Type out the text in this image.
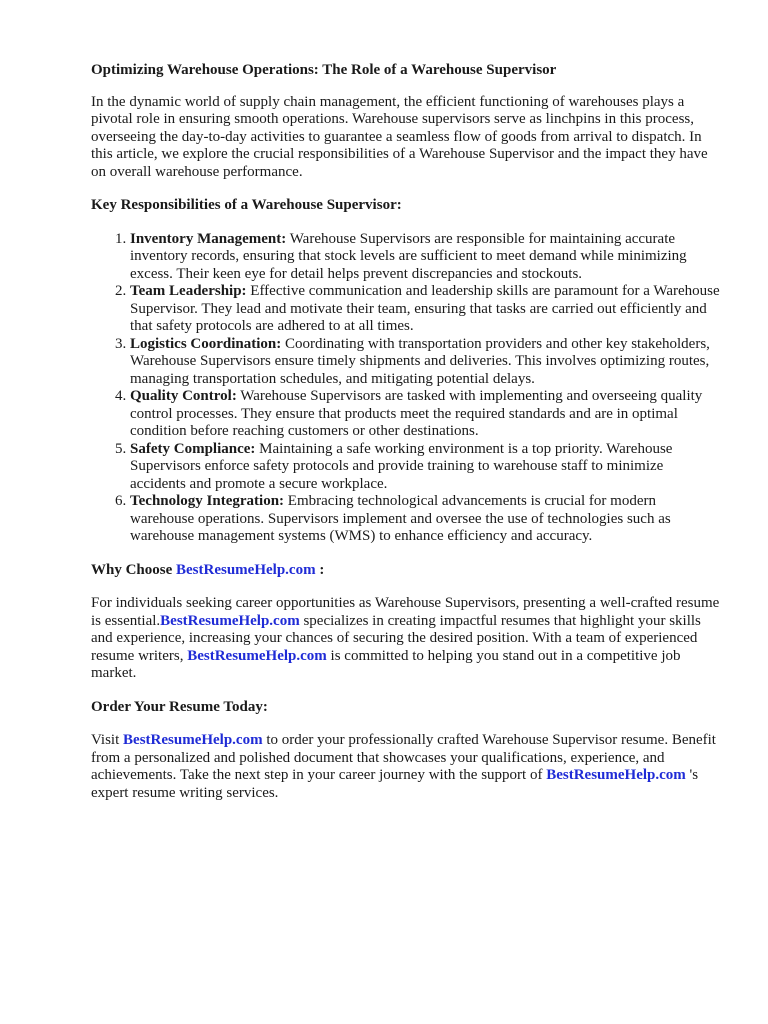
Optimizing Warehouse Operations: The Role of a Warehouse Supervisor

In the dynamic world of supply chain management, the efficient functioning of warehouses plays a pivotal role in ensuring smooth operations. Warehouse supervisors serve as linchpins in this process, overseeing the day-to-day activities to guarantee a seamless flow of goods from arrival to dispatch. In this article, we explore the crucial responsibilities of a Warehouse Supervisor and the impact they have on overall warehouse performance.

Key Responsibilities of a Warehouse Supervisor:
1. Inventory Management: Warehouse Supervisors are responsible for maintaining accurate inventory records, ensuring that stock levels are sufficient to meet demand while minimizing excess. Their keen eye for detail helps prevent discrepancies and stockouts.
2. Team Leadership: Effective communication and leadership skills are paramount for a Warehouse Supervisor. They lead and motivate their team, ensuring that tasks are carried out efficiently and that safety protocols are adhered to at all times.
3. Logistics Coordination: Coordinating with transportation providers and other key stakeholders, Warehouse Supervisors ensure timely shipments and deliveries. This involves optimizing routes, managing transportation schedules, and mitigating potential delays.
4. Quality Control: Warehouse Supervisors are tasked with implementing and overseeing quality control processes. They ensure that products meet the required standards and are in optimal condition before reaching customers or other destinations.
5. Safety Compliance: Maintaining a safe working environment is a top priority. Warehouse Supervisors enforce safety protocols and provide training to warehouse staff to minimize accidents and promote a secure workplace.
6. Technology Integration: Embracing technological advancements is crucial for modern warehouse operations. Supervisors implement and oversee the use of technologies such as warehouse management systems (WMS) to enhance efficiency and accuracy.
Why Choose BestResumeHelp.com :

For individuals seeking career opportunities as Warehouse Supervisors, presenting a well-crafted resume is essential.BestResumeHelp.com specializes in creating impactful resumes that highlight your skills and experience, increasing your chances of securing the desired position. With a team of experienced resume writers, BestResumeHelp.com is committed to helping you stand out in a competitive job market.

Order Your Resume Today:

Visit BestResumeHelp.com to order your professionally crafted Warehouse Supervisor resume. Benefit from a personalized and polished document that showcases your qualifications, experience, and achievements. Take the next step in your career journey with the support of BestResumeHelp.com 's expert resume writing services.
